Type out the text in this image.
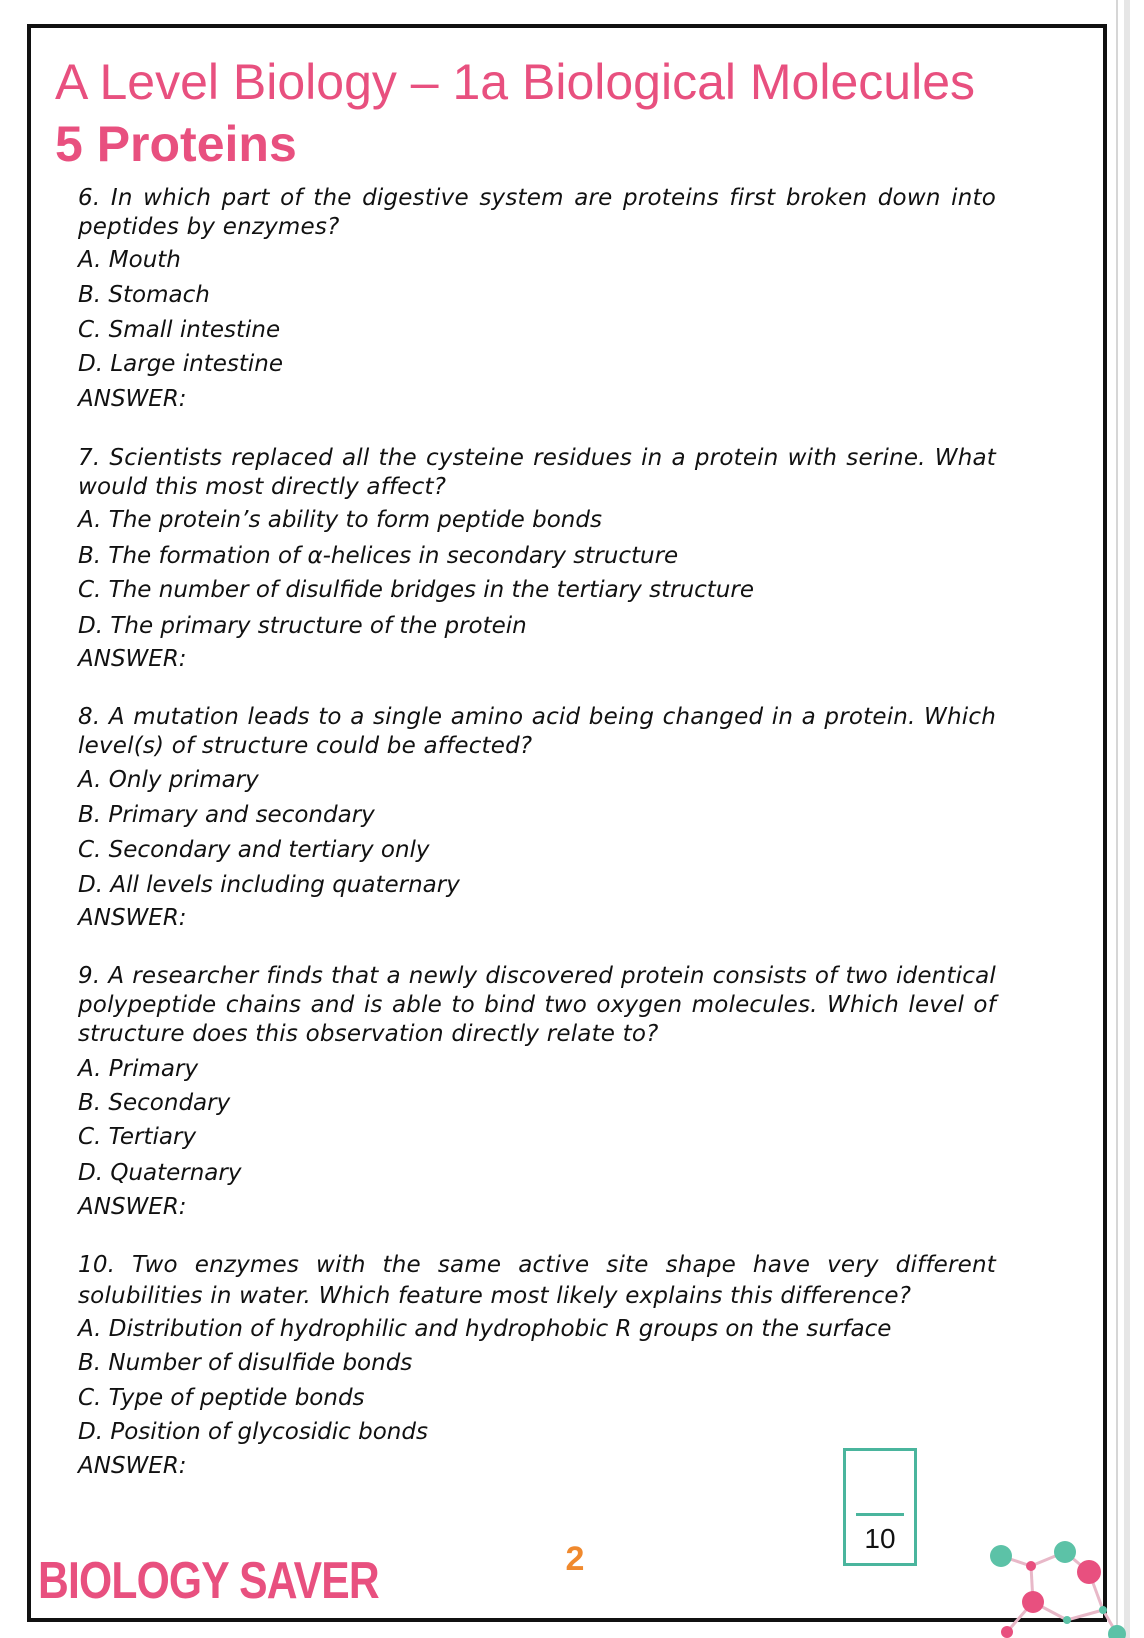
A Level Biology – 1a Biological Molecules
5 Proteins
6. In which part of the digestive system are proteins first broken down into peptides by enzymes?
A. Mouth
B. Stomach
C. Small intestine
D. Large intestine
ANSWER:
7. Scientists replaced all the cysteine residues in a protein with serine. What would this most directly affect?
A. The protein’s ability to form peptide bonds
B. The formation of α-helices in secondary structure
C. The number of disulfide bridges in the tertiary structure
D. The primary structure of the protein
ANSWER:
8. A mutation leads to a single amino acid being changed in a protein. Which level(s) of structure could be affected?
A. Only primary
B. Primary and secondary
C. Secondary and tertiary only
D. All levels including quaternary
ANSWER:
9. A researcher finds that a newly discovered protein consists of two identical polypeptide chains and is able to bind two oxygen molecules. Which level of structure does this observation directly relate to?
A. Primary
B. Secondary
C. Tertiary
D. Quaternary
ANSWER:
10. Two enzymes with the same active site shape have very different solubilities in water. Which feature most likely explains this difference?
A. Distribution of hydrophilic and hydrophobic R groups on the surface
B. Number of disulfide bonds
C. Type of peptide bonds
D. Position of glycosidic bonds
ANSWER:
10
2
BIOLOGY SAVER
